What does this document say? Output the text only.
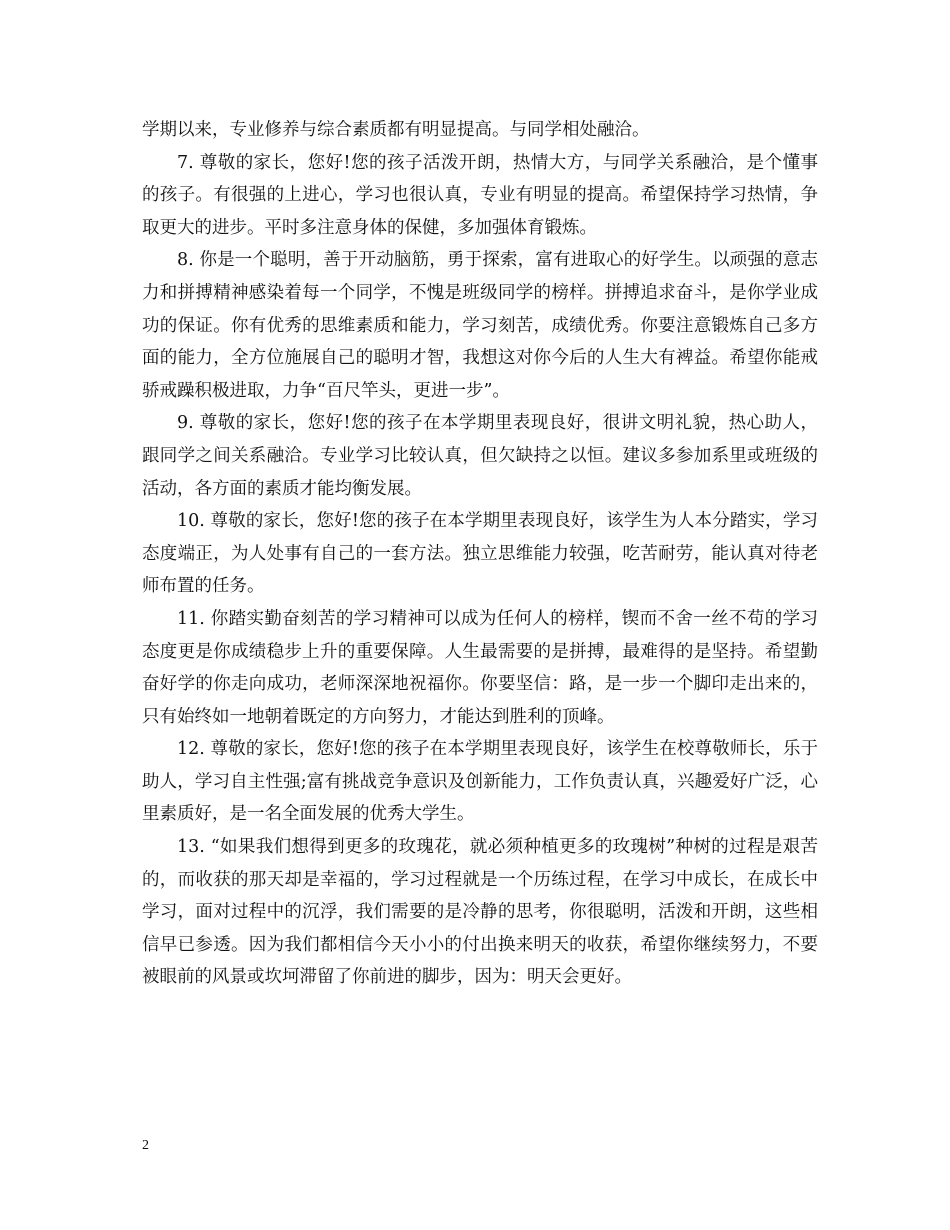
学期以来，专业修养与综合素质都有明显提高。与同学相处融洽。

7. 尊敬的家长，您好!您的孩子活泼开朗，热情大方，与同学关系融洽，是个懂事的孩子。有很强的上进心，学习也很认真，专业有明显的提高。希望保持学习热情，争取更大的进步。平时多注意身体的保健，多加强体育锻炼。

8. 你是一个聪明，善于开动脑筋，勇于探索，富有进取心的好学生。以顽强的意志力和拼搏精神感染着每一个同学，不愧是班级同学的榜样。拼搏追求奋斗，是你学业成功的保证。你有优秀的思维素质和能力，学习刻苦，成绩优秀。你要注意锻炼自己多方面的能力，全方位施展自己的聪明才智，我想这对你今后的人生大有裨益。希望你能戒骄戒躁积极进取，力争“百尺竿头，更进一步”。

9. 尊敬的家长，您好!您的孩子在本学期里表现良好，很讲文明礼貌，热心助人，跟同学之间关系融洽。专业学习比较认真，但欠缺持之以恒。建议多参加系里或班级的活动，各方面的素质才能均衡发展。

10. 尊敬的家长，您好!您的孩子在本学期里表现良好，该学生为人本分踏实，学习态度端正，为人处事有自己的一套方法。独立思维能力较强，吃苦耐劳，能认真对待老师布置的任务。

11. 你踏实勤奋刻苦的学习精神可以成为任何人的榜样，锲而不舍一丝不苟的学习态度更是你成绩稳步上升的重要保障。人生最需要的是拼搏，最难得的是坚持。希望勤奋好学的你走向成功，老师深深地祝福你。你要坚信：路，是一步一个脚印走出来的，只有始终如一地朝着既定的方向努力，才能达到胜利的顶峰。

12. 尊敬的家长，您好!您的孩子在本学期里表现良好，该学生在校尊敬师长，乐于助人，学习自主性强;富有挑战竞争意识及创新能力，工作负责认真，兴趣爱好广泛，心里素质好，是一名全面发展的优秀大学生。

13. “如果我们想得到更多的玫瑰花，就必须种植更多的玫瑰树”种树的过程是艰苦的，而收获的那天却是幸福的，学习过程就是一个历练过程，在学习中成长，在成长中学习，面对过程中的沉浮，我们需要的是冷静的思考，你很聪明，活泼和开朗，这些相信早已参透。因为我们都相信今天小小的付出换来明天的收获，希望你继续努力，不要被眼前的风景或坎坷滞留了你前进的脚步，因为：明天会更好。

2
